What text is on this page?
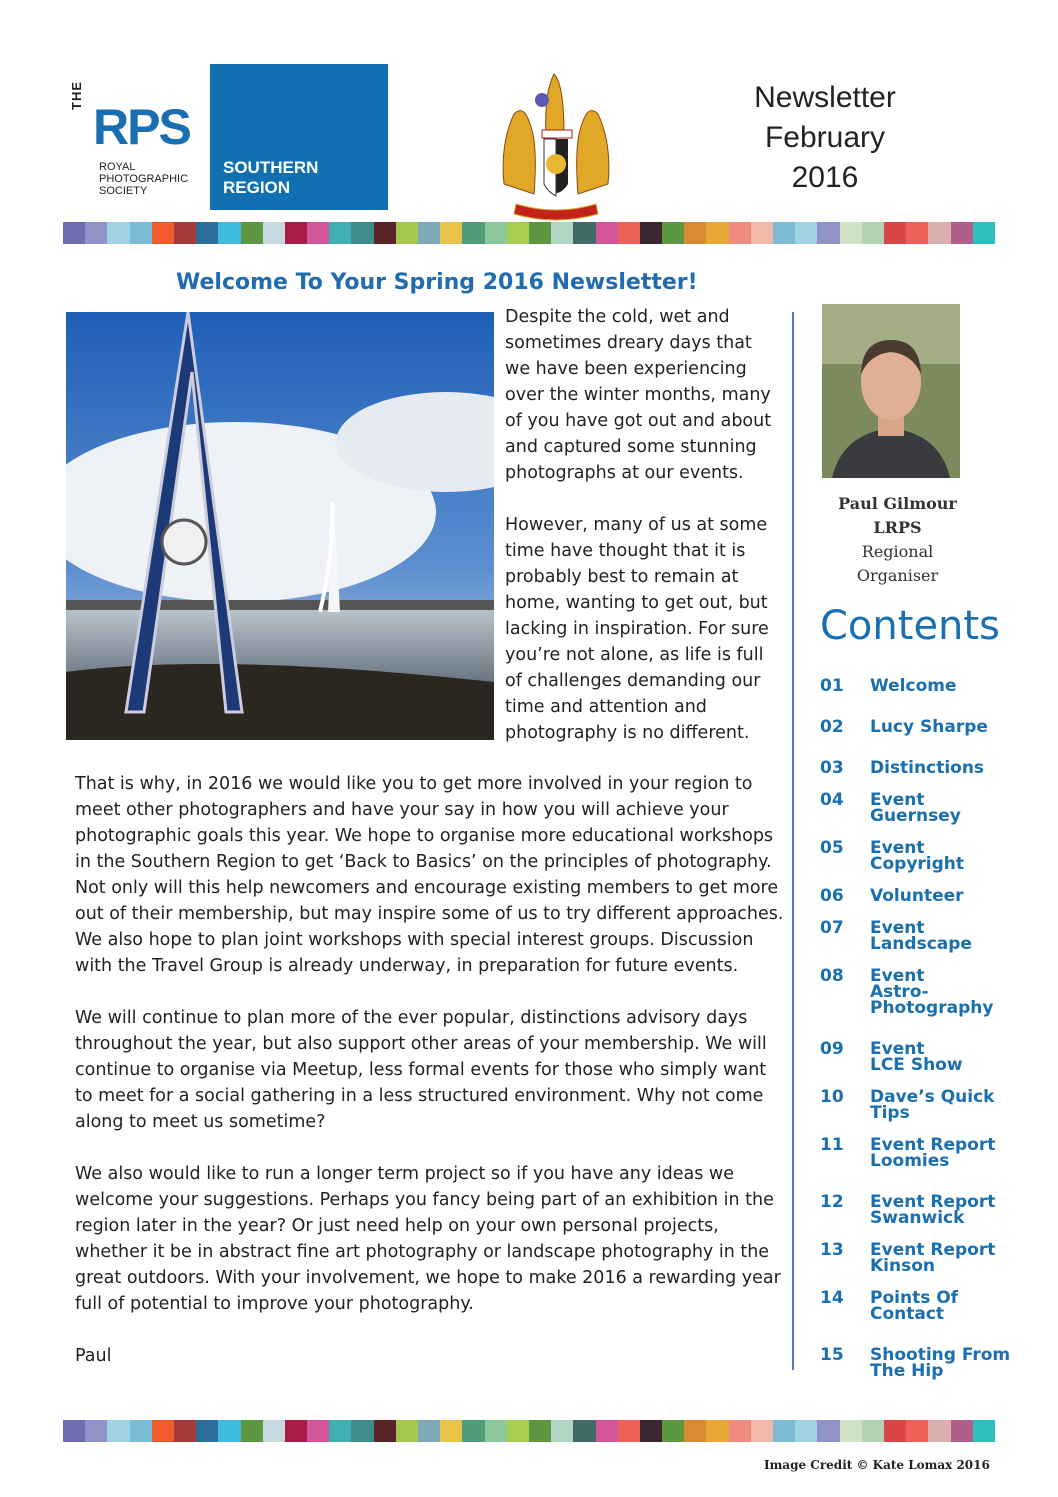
THE
RPS
ROYAL
PHOTOGRAPHIC
SOCIETY
SOUTHERN
REGION
Newsletter
February
2016
Welcome To Your Spring 2016 Newsletter!

Despite the cold, wet and sometimes dreary days that we have been experiencing over the winter months, many of you have got out and about and captured some stunning photographs at our events.

However, many of us at some time have thought that it is probably best to remain at home, wanting to get out, but lacking in inspiration. For sure you’re not alone, as life is full of challenges demanding our time and attention and photography is no different.

That is why, in 2016 we would like you to get more involved in your region to meet other photographers and have your say in how you will achieve your photographic goals this year. We hope to organise more educational workshops in the Southern Region to get ‘Back to Basics’ on the principles of photography. Not only will this help newcomers and encourage existing members to get more out of their membership, but may inspire some of us to try different approaches. We also hope to plan joint workshops with special interest groups. Discussion with the Travel Group is already underway, in preparation for future events.

We will continue to plan more of the ever popular, distinctions advisory days throughout the year, but also support other areas of your membership. We will continue to organise via Meetup, less formal events for those who simply want to meet for a social gathering in a less structured environment. Why not come along to meet us sometime?

We also would like to run a longer term project so if you have any ideas we welcome your suggestions. Perhaps you fancy being part of an exhibition in the region later in the year? Or just need help on your own personal projects, whether it be in abstract fine art photography or landscape photography in the great outdoors. With your involvement, we hope to make 2016 a rewarding year full of potential to improve your photography.

Paul

Paul Gilmour
LRPS
Regional
Organiser
Contents
01	Welcome
02	Lucy Sharpe
03	Distinctions
04	Event
Guernsey
05	Event
Copyright
06	Volunteer
07	Event
Landscape
08	Event
Astro-
Photography
09	Event
LCE Show
10	Dave’s Quick
Tips
11	Event Report
Loomies
12	Event Report
Swanwick
13	Event Report
Kinson
14	Points Of
Contact
15	Shooting From
The Hip
Image Credit © Kate Lomax 2016
